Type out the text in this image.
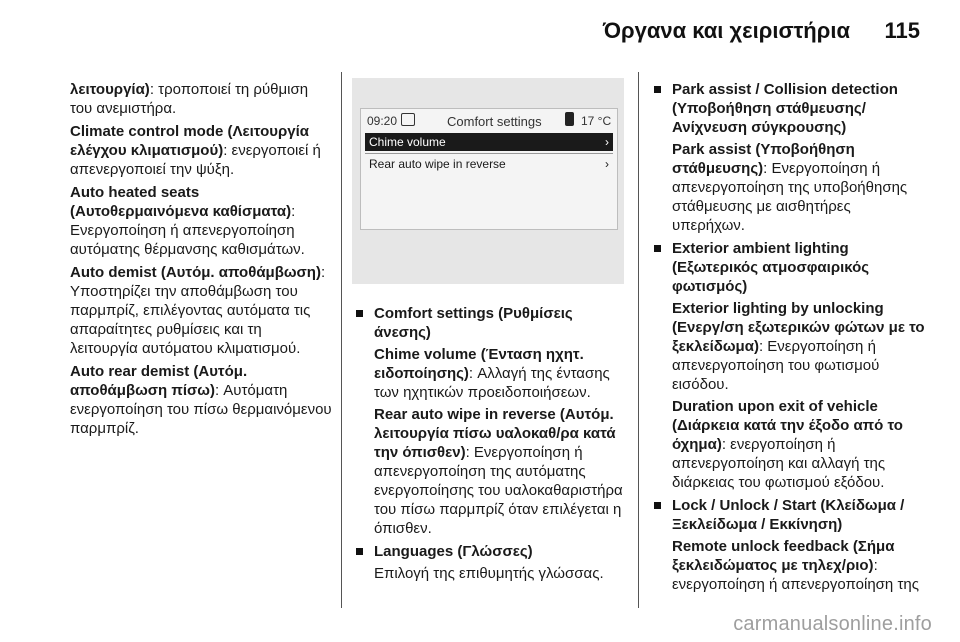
Όργανα και χειριστήρια 115

λειτουργία): τροποποιεί τη ρύθμιση του ανεμιστήρα.

Climate control mode (Λειτουργία ελέγχου κλιματισμού): ενεργοποιεί ή απενεργοποιεί την ψύξη.

Auto heated seats (Αυτοθερμαινόμενα καθίσματα): Ενεργοποίηση ή απενεργοποίηση αυτόματης θέρμανσης καθισμάτων.

Auto demist (Αυτόμ. αποθάμβωση): Υποστηρίζει την αποθάμβωση του παρμπρίζ, επιλέγοντας αυτόματα τις απαραίτητες ρυθμίσεις και τη λειτουργία αυτόματου κλιματισμού.

Auto rear demist (Αυτόμ. αποθάμβωση πίσω): Αυτόματη ενεργοποίηση του πίσω θερμαινόμενου παρμπρίζ.

09:20	Comfort settings	17 °C
Chime volume	›
Rear auto wipe in reverse	›

Comfort settings (Ρυθμίσεις άνεσης)

Chime volume (Ένταση ηχητ. ειδοποίησης): Αλλαγή της έντασης των ηχητικών προειδοποιήσεων.

Rear auto wipe in reverse (Αυτόμ. λειτουργία πίσω υαλοκαθ/ρα κατά την όπισθεν): Ενεργοποίηση ή απενεργοποίηση της αυτόματης ενεργοποίησης του υαλοκαθαριστήρα του πίσω παρμπρίζ όταν επιλέγεται η όπισθεν.

Languages (Γλώσσες)

Επιλογή της επιθυμητής γλώσσας.

Park assist / Collision detection (Υποβοήθηση στάθμευσης/ Ανίχνευση σύγκρουσης)

Park assist (Υποβοήθηση στάθμευσης): Ενεργοποίηση ή απενεργοποίηση της υποβοήθησης στάθμευσης με αισθητήρες υπερήχων.

Exterior ambient lighting (Εξωτερικός ατμοσφαιρικός φωτισμός)

Exterior lighting by unlocking (Ενεργ/ση εξωτερικών φώτων με το ξεκλείδωμα): Ενεργοποίηση ή απενεργοποίηση του φωτισμού εισόδου.

Duration upon exit of vehicle (Διάρκεια κατά την έξοδο από το όχημα): ενεργοποίηση ή απενεργοποίηση και αλλαγή της διάρκειας του φωτισμού εξόδου.

Lock / Unlock / Start (Κλείδωμα / Ξεκλείδωμα / Εκκίνηση)

Remote unlock feedback (Σήμα ξεκλειδώματος με τηλεχ/ριο): ενεργοποίηση ή απενεργοποίηση της

carmanualsonline.info
